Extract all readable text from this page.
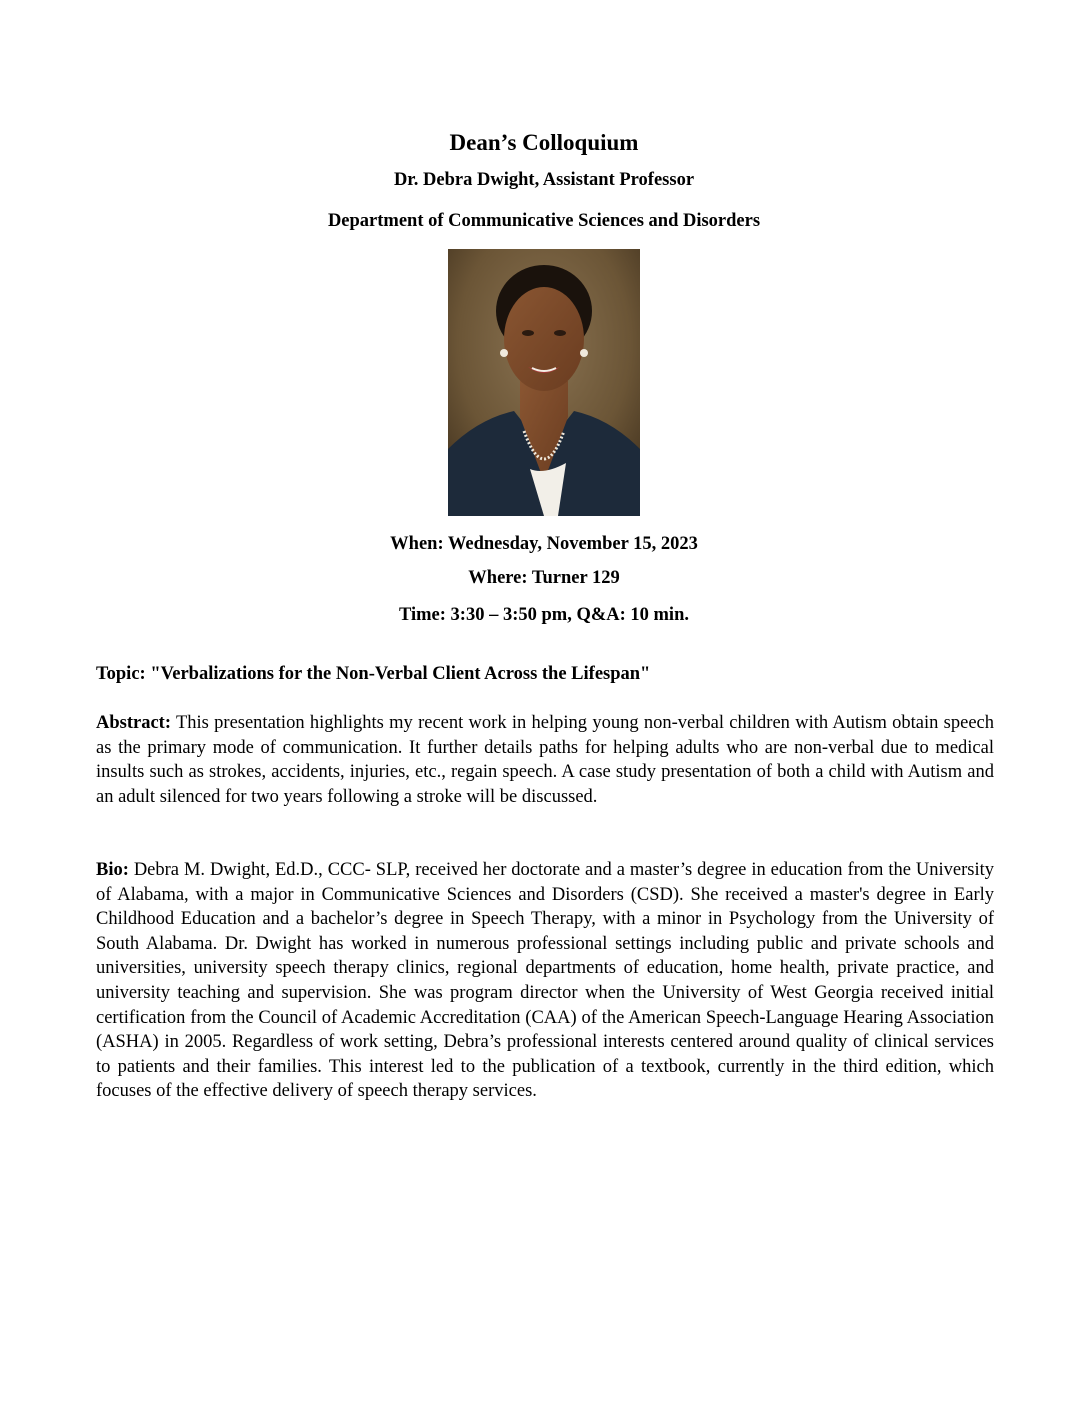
Dean’s Colloquium
Dr. Debra Dwight, Assistant Professor
Department of Communicative Sciences and Disorders
When: Wednesday, November 15, 2023
Where: Turner 129
Time: 3:30 – 3:50 pm, Q&A: 10 min.
Topic: "Verbalizations for the Non-Verbal Client Across the Lifespan"
Abstract: This presentation highlights my recent work in helping young non-verbal children with Autism obtain speech as the primary mode of communication. It further details paths for helping adults who are non-verbal due to medical insults such as strokes, accidents, injuries, etc., regain speech. A case study presentation of both a child with Autism and an adult silenced for two years following a stroke will be discussed.
Bio: Debra M. Dwight, Ed.D., CCC- SLP, received her doctorate and a master’s degree in education from the University of Alabama, with a major in Communicative Sciences and Disorders (CSD). She received a master's degree in Early Childhood Education and a bachelor’s degree in Speech Therapy, with a minor in Psychology from the University of South Alabama. Dr. Dwight has worked in numerous professional settings including public and private schools and universities, university speech therapy clinics, regional departments of education, home health, private practice, and university teaching and supervision. She was program director when the University of West Georgia received initial certification from the Council of Academic Accreditation (CAA) of the American Speech-Language Hearing Association (ASHA) in 2005. Regardless of work setting, Debra’s professional interests centered around quality of clinical services to patients and their families. This interest led to the publication of a textbook, currently in the third edition, which focuses of the effective delivery of speech therapy services.
